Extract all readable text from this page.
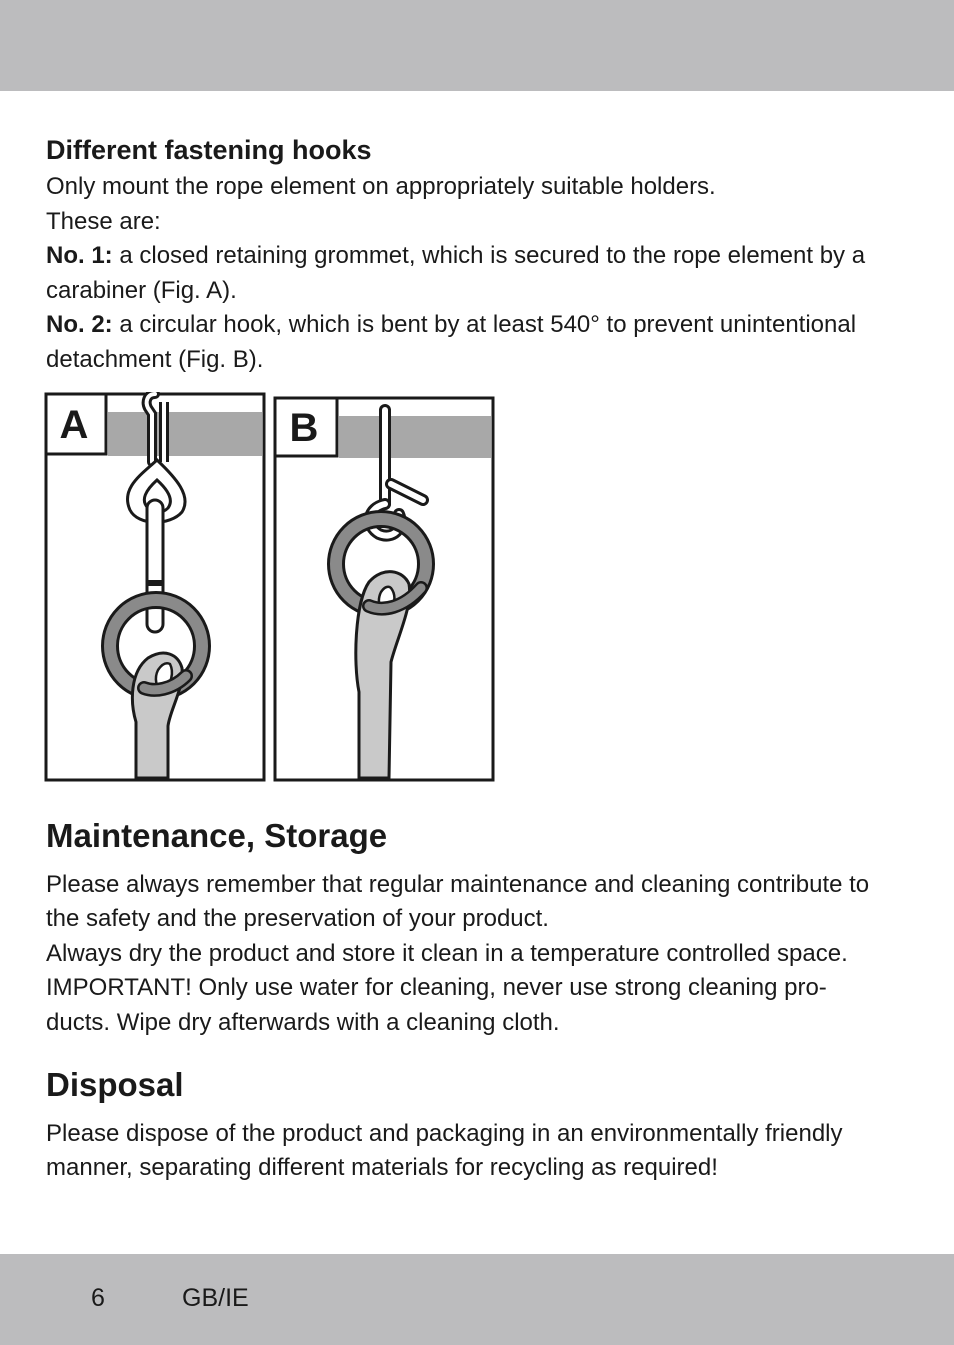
Different fastening hooks

Only mount the rope element on appropriately suitable holders.
These are:

No. 1: a closed retaining grommet, which is secured to the rope element by a carabiner (Fig. A).

No. 2: a circular hook, which is bent by at least 540° to prevent unintentional detachment (Fig. B).

A	B
Maintenance, Storage

Please always remember that regular maintenance and cleaning contribute to the safety and the preservation of your product.

Always dry the product and store it clean in a temperature controlled space.

IMPORTANT! Only use water for cleaning, never use strong cleaning pro-
ducts. Wipe dry afterwards with a cleaning cloth.

Disposal

Please dispose of the product and packaging in an environmentally friendly manner, separating different materials for recycling as required!

6	GB/IE
